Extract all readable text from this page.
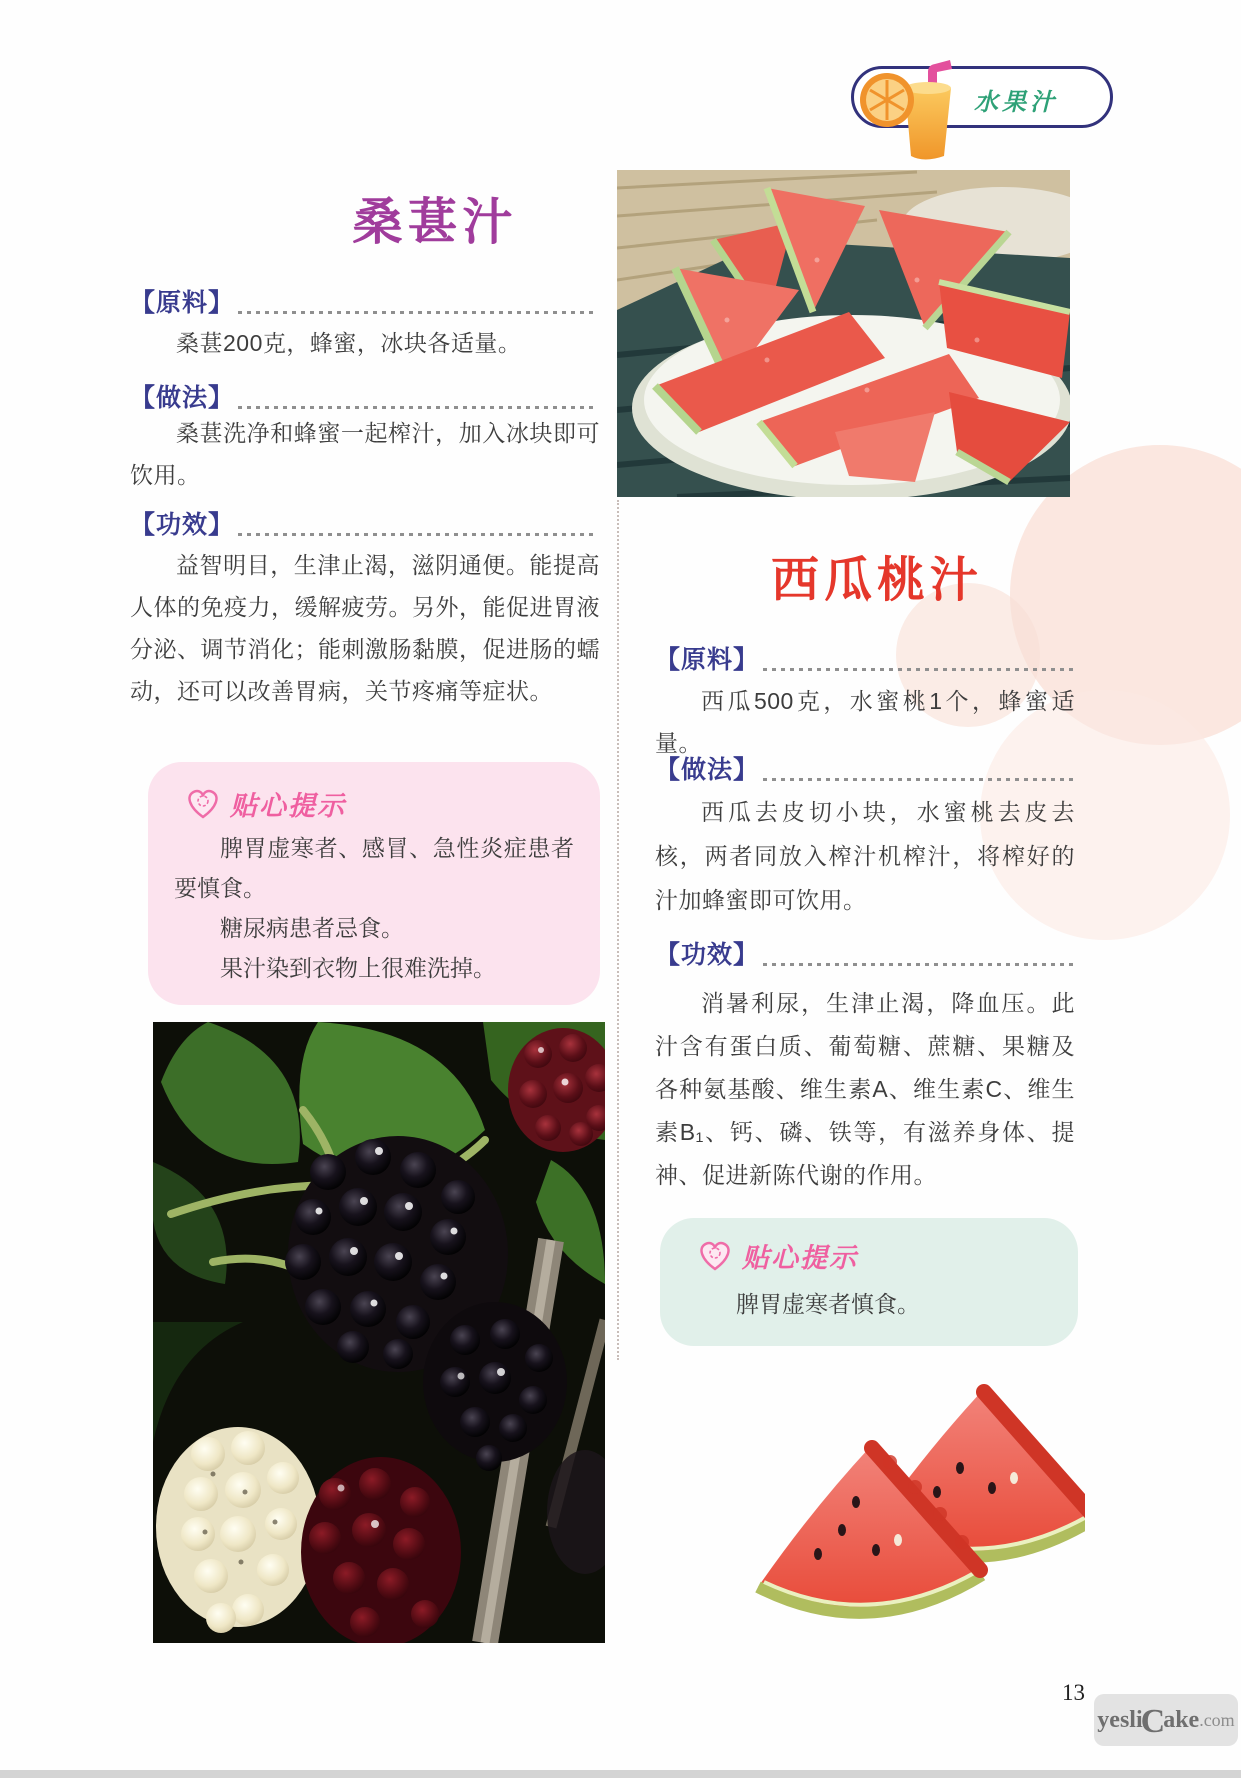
水果汁
桑葚汁
【原料】

桑葚200克，蜂蜜，冰块各适量。

【做法】

桑葚洗净和蜂蜜一起榨汁，加入冰块即可饮用。

【功效】

益智明目，生津止渴，滋阴通便。能提高人体的免疫力，缓解疲劳。另外，能促进胃液分泌、调节消化；能刺激肠黏膜，促进肠的蠕动，还可以改善胃病，关节疼痛等症状。

贴心提示

脾胃虚寒者、感冒、急性炎症患者要慎食。

糖尿病患者忌食。

果汁染到衣物上很难洗掉。

西瓜桃汁
【原料】

西瓜500克，水蜜桃1个，蜂蜜适量。

【做法】

西瓜去皮切小块，水蜜桃去皮去核，两者同放入榨汁机榨汁，将榨好的汁加蜂蜜即可饮用。

【功效】

消暑利尿，生津止渴，降血压。此汁含有蛋白质、葡萄糖、蔗糖、果糖及各种氨基酸、维生素A、维生素C、维生素B₁、钙、磷、铁等，有滋养身体、提神、促进新陈代谢的作用。

贴心提示

脾胃虚寒者慎食。

13
yesli
C
ake .com
